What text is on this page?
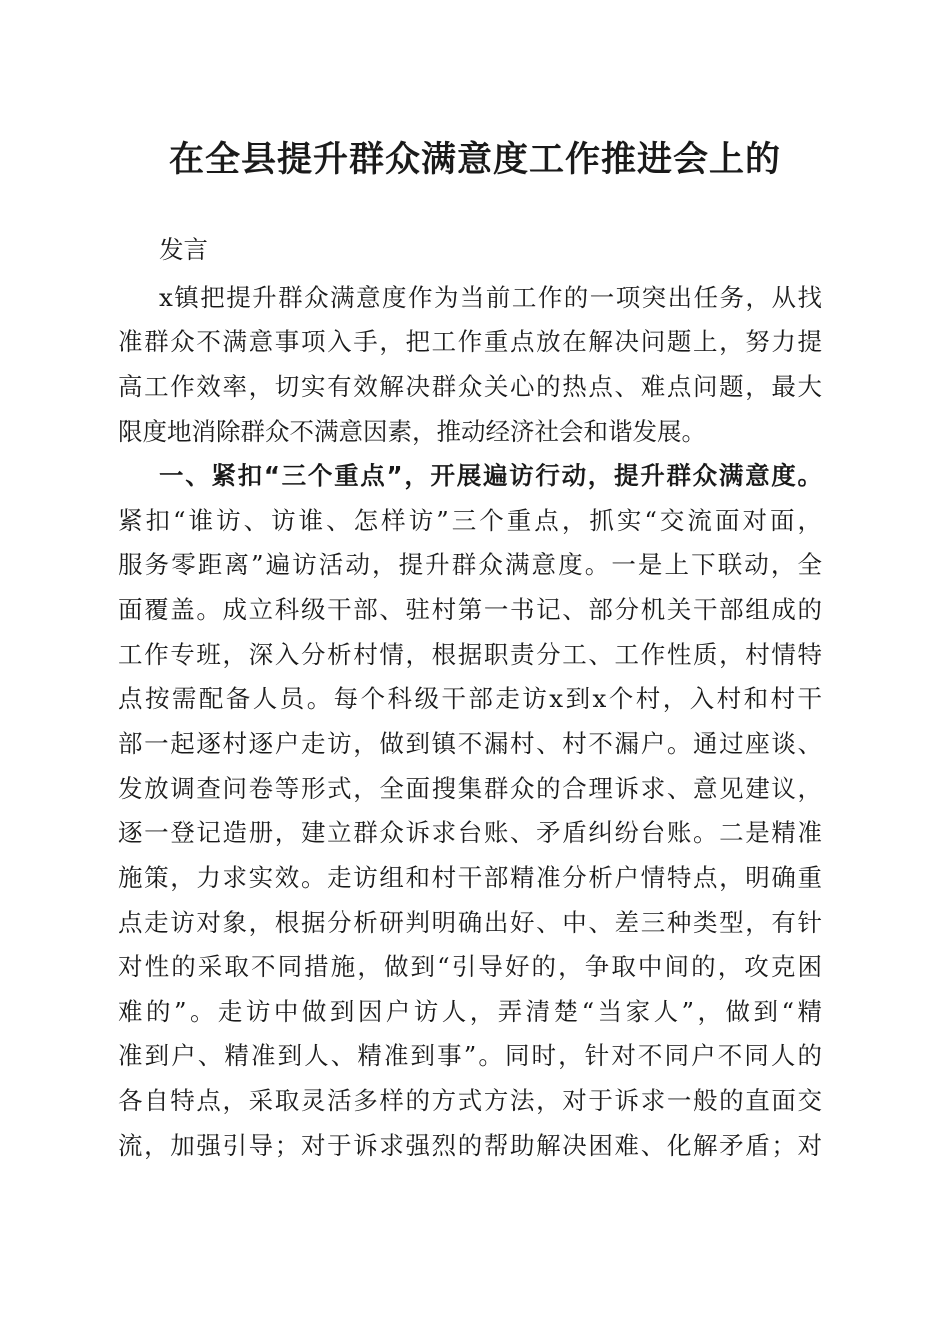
在全县提升群众满意度工作推进会上的

发言

x镇把提升群众满意度作为当前工作的一项突出任务，从找

准群众不满意事项入手，把工作重点放在解决问题上，努力提

高工作效率，切实有效解决群众关心的热点、难点问题，最大

限度地消除群众不满意因素，推动经济社会和谐发展。

一、紧扣“三个重点”，开展遍访行动，提升群众满意度。

紧扣“谁访、访谁、怎样访”三个重点，抓实“交流面对面，

服务零距离”遍访活动，提升群众满意度。一是上下联动，全

面覆盖。成立科级干部、驻村第一书记、部分机关干部组成的

工作专班，深入分析村情，根据职责分工、工作性质，村情特

点按需配备人员。每个科级干部走访x到x个村，入村和村干

部一起逐村逐户走访，做到镇不漏村、村不漏户。通过座谈、

发放调查问卷等形式，全面搜集群众的合理诉求、意见建议，

逐一登记造册，建立群众诉求台账、矛盾纠纷台账。二是精准

施策，力求实效。走访组和村干部精准分析户情特点，明确重

点走访对象，根据分析研判明确出好、中、差三种类型，有针

对性的采取不同措施，做到“引导好的，争取中间的，攻克困

难的”。走访中做到因户访人，弄清楚“当家人”，做到“精

准到户、精准到人、精准到事”。同时，针对不同户不同人的

各自特点，采取灵活多样的方式方法，对于诉求一般的直面交

流，加强引导；对于诉求强烈的帮助解决困难、化解矛盾；对
